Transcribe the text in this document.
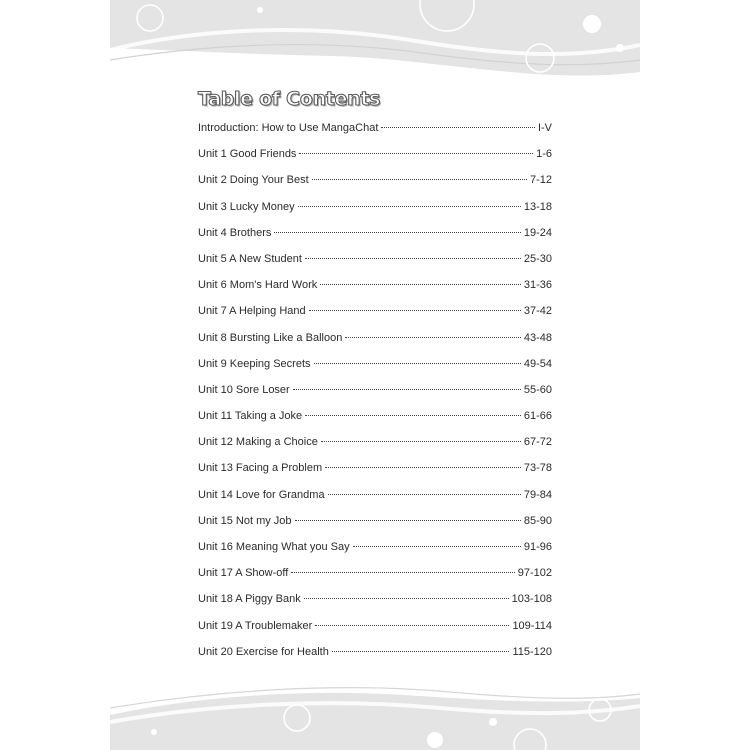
Table of Contents
Introduction: How to Use MangaChat	I-V
Unit 1 Good Friends	1-6
Unit 2 Doing Your Best	7-12
Unit 3 Lucky Money	13-18
Unit 4 Brothers	19-24
Unit 5 A New Student	25-30
Unit 6 Mom's Hard Work	31-36
Unit 7 A Helping Hand	37-42
Unit 8 Bursting Like a Balloon	43-48
Unit 9 Keeping Secrets	49-54
Unit 10 Sore Loser	55-60
Unit 11 Taking a Joke	61-66
Unit 12 Making a Choice	67-72
Unit 13 Facing a Problem	73-78
Unit 14 Love for Grandma	79-84
Unit 15 Not my Job	85-90
Unit 16 Meaning What you Say	91-96
Unit 17 A Show-off	97-102
Unit 18 A Piggy Bank	103-108
Unit 19 A Troublemaker	109-114
Unit 20 Exercise for Health	115-120
